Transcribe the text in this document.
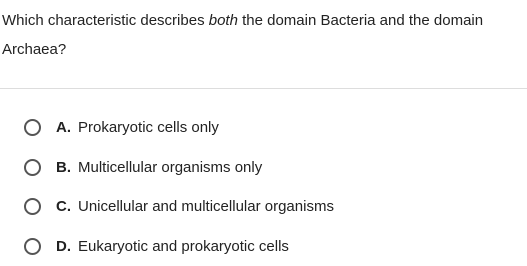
Which characteristic describes both the domain Bacteria and the domain Archaea?
A. Prokaryotic cells only
B. Multicellular organisms only
C. Unicellular and multicellular organisms
D. Eukaryotic and prokaryotic cells
